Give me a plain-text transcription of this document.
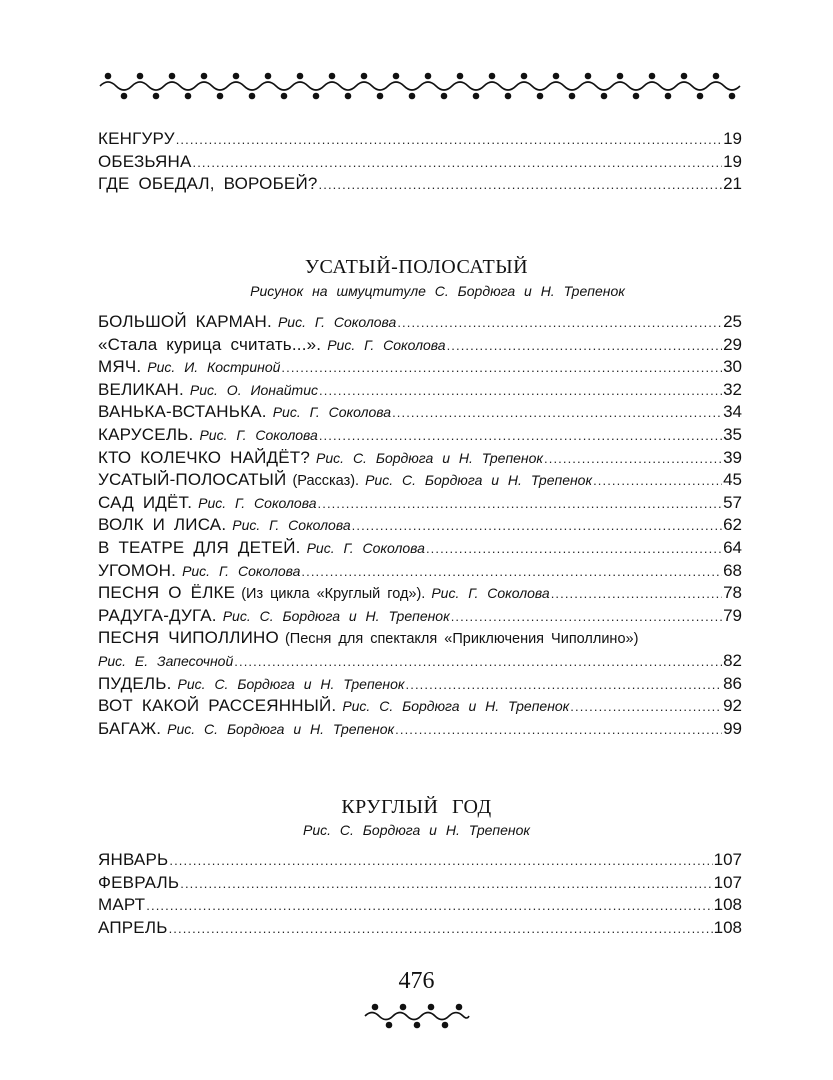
КЕНГУРУ .....	19
ОБЕЗЬЯНА .....	19
ГДЕ ОБЕДАЛ, ВОРОБЕЙ? .....	21
УСАТЫЙ-ПОЛОСАТЫЙ
Рисунок на шмуцтитуле С. Бордюга и Н. Трепенок
БОЛЬШОЙ КАРМАН. Рис. Г. Соколова .....	25
«Стала курица считать...». Рис. Г. Соколова .....	29
МЯЧ. Рис. И. Костриной .....	30
ВЕЛИКАН. Рис. О. Ионайтис .....	32
ВАНЬКА-ВСТАНЬКА. Рис. Г. Соколова .....	34
КАРУСЕЛЬ. Рис. Г. Соколова .....	35
КТО КОЛЕЧКО НАЙДЁТ? Рис. С. Бордюга и Н. Трепенок .....	39
УСАТЫЙ-ПОЛОСАТЫЙ (Рассказ). Рис. С. Бордюга и Н. Трепенок .....	45
САД ИДЁТ. Рис. Г. Соколова .....	57
ВОЛК И ЛИСА. Рис. Г. Соколова .....	62
В ТЕАТРЕ ДЛЯ ДЕТЕЙ. Рис. Г. Соколова .....	64
УГОМОН. Рис. Г. Соколова .....	68
ПЕСНЯ О ЁЛКЕ (Из цикла «Круглый год»). Рис. Г. Соколова .....	78
РАДУГА-ДУГА. Рис. С. Бордюга и Н. Трепенок .....	79
ПЕСНЯ ЧИПОЛЛИНО (Песня для спектакля «Приключения Чиполлино»)
Рис. Е. Запесочной .....	82
ПУДЕЛЬ. Рис. С. Бордюга и Н. Трепенок .....	86
ВОТ КАКОЙ РАССЕЯННЫЙ. Рис. С. Бордюга и Н. Трепенок .....	92
БАГАЖ. Рис. С. Бордюга и Н. Трепенок .....	99
КРУГЛЫЙ ГОД
Рис. С. Бордюга и Н. Трепенок
ЯНВАРЬ .....	107
ФЕВРАЛЬ .....	107
МАРТ .....	108
АПРЕЛЬ .....	108
476
